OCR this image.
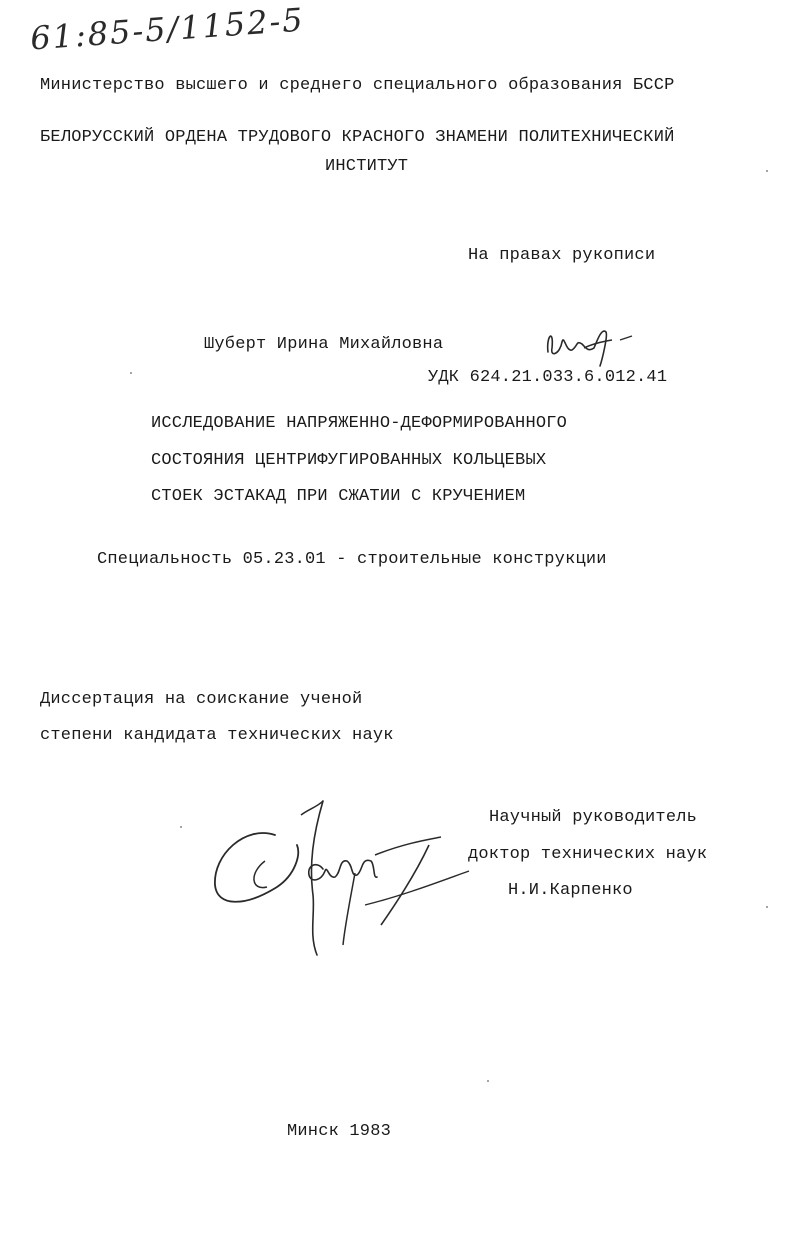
61:85-5/1152-5
Министерство высшего и среднего специального образования БССР
БЕЛОРУССКИЙ ОРДЕНА ТРУДОВОГО КРАСНОГО ЗНАМЕНИ ПОЛИТЕХНИЧЕСКИЙ
ИНСТИТУТ
На правах рукописи
Шуберт Ирина Михайловна
УДК 624.21.033.6.012.41
ИССЛЕДОВАНИЕ НАПРЯЖЕННО-ДЕФОРМИРОВАННОГО
СОСТОЯНИЯ ЦЕНТРИФУГИРОВАННЫХ КОЛЬЦЕВЫХ
СТОЕК ЭСТАКАД ПРИ СЖАТИИ С КРУЧЕНИЕМ
Специальность 05.23.01 - строительные конструкции
Диссертация на соискание ученой
степени кандидата технических наук
Научный руководитель
доктор технических наук
Н.И.Карпенко
Минск 1983
